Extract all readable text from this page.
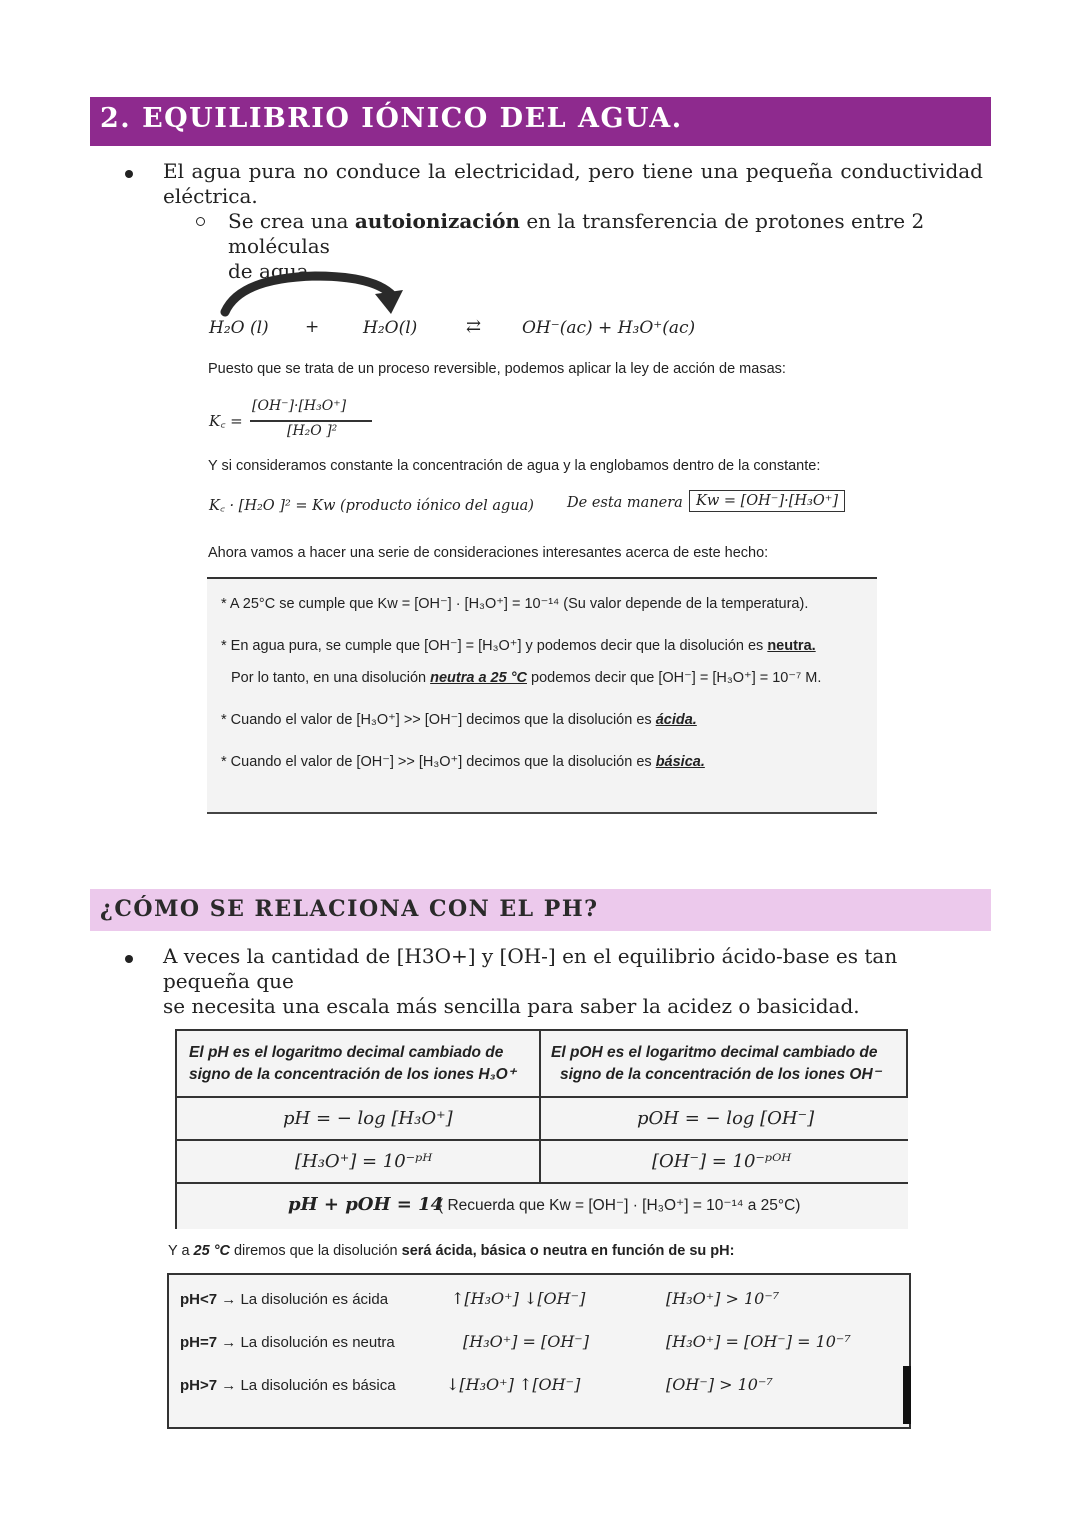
2. EQUILIBRIO IÓNICO DEL AGUA.
El agua pura no conduce la electricidad, pero tiene una pequeña conductividad
eléctrica.
Se crea una autoionización en la transferencia de protones entre 2 moléculas
de agua.
H₂O (l) +	H₂O(l)	⇄ OH⁻(ac) + H₃O⁺(ac)
Puesto que se trata de un proceso reversible, podemos aplicar la ley de acción de masas:
K꜀ =
[OH⁻]·[H₃O⁺]
[H₂O ]²
Y si consideramos constante la concentración de agua y la englobamos dentro de la constante:
K꜀ · [H₂O ]² = Kw (producto iónico del agua) De esta manera Kw = [OH⁻]·[H₃O⁺]
Ahora vamos a hacer una serie de consideraciones interesantes acerca de este hecho:
* A 25°C se cumple que Kw = [OH⁻] · [H₃O⁺] = 10⁻¹⁴ (Su valor depende de la temperatura).
* En agua pura, se cumple que [OH⁻] = [H₃O⁺] y podemos decir que la disolución es neutra.
Por lo tanto, en una disolución neutra a 25 °C podemos decir que [OH⁻] = [H₃O⁺] = 10⁻⁷ M.
* Cuando el valor de [H₃O⁺] >> [OH⁻] decimos que la disolución es ácida.
* Cuando el valor de [OH⁻] >> [H₃O⁺] decimos que la disolución es básica.
¿CÓMO SE RELACIONA CON EL PH?
A veces la cantidad de [H3O+] y [OH-] en el equilibrio ácido-base es tan pequeña que
se necesita una escala más sencilla para saber la acidez o basicidad.
El pH es el logaritmo decimal cambiado de
signo de la concentración de los iones H₃O⁺
El pOH es el logaritmo decimal cambiado de
signo de la concentración de los iones OH⁻
pH = − log [H₃O⁺]	pOH = − log [OH⁻]
[H₃O⁺] = 10⁻ᵖᴴ	[OH⁻] = 10⁻ᵖᴼᴴ
pH + pOH = 14
( Recuerda que Kw = [OH⁻] · [H₃O⁺] = 10⁻¹⁴ a 25°C)
Y a 25 °C diremos que la disolución será ácida, básica o neutra en función de su pH:
pH<7 → La disolución es ácida	↑[H₃O⁺] ↓[OH⁻]	[H₃O⁺] > 10⁻⁷
pH=7 → La disolución es neutra	[H₃O⁺] = [OH⁻]	[H₃O⁺] = [OH⁻] = 10⁻⁷
pH>7 → La disolución es básica	↓[H₃O⁺] ↑[OH⁻]	[OH⁻] > 10⁻⁷
